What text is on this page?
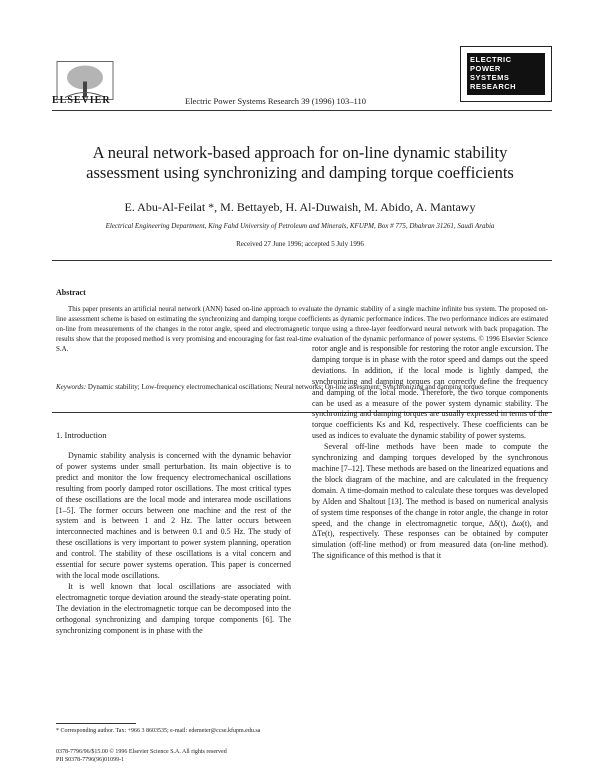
ELSEVIER	Electric Power Systems Research 39 (1996) 103–110
ELECTRIC
POWER
SYSTEMS
RESEARCH
A neural network-based approach for on-line dynamic stability
assessment using synchronizing and damping torque coefficients
E. Abu-Al-Feilat *, M. Bettayeb, H. Al-Duwaish, M. Abido, A. Mantawy
Electrical Engineering Department, King Fahd University of Petroleum and Minerals, KFUPM, Box # 775, Dhahran 31261, Saudi Arabia
Received 27 June 1996; accepted 5 July 1996
Abstract
This paper presents an artificial neural network (ANN) based on-line approach to evaluate the dynamic stability of a single machine infinite bus system. The proposed on-line assessment scheme is based on estimating the synchronizing and damping torque coefficients as dynamic performance indices. The two performance indices are estimated on-line from measurements of the changes in the rotor angle, speed and electromagnetic torque using a three-layer feedforward neural network with back propagation. The results show that the proposed method is very promising and encouraging for fast real-time evaluation of the dynamic performance of power systems. © 1996 Elsevier Science S.A.
Keywords: Dynamic stability; Low-frequency electromechanical oscillations; Neural networks; On-line assessment; Synchronizing and damping torques
1. Introduction

Dynamic stability analysis is concerned with the dynamic behavior of power systems under small perturbation. Its main objective is to predict and monitor the low frequency electromechanical oscillations resulting from poorly damped rotor oscillations. The most critical types of these oscillations are the local mode and interarea mode oscillations [1–5]. The former occurs between one machine and the rest of the system and is between 1 and 2 Hz. The latter occurs between interconnected machines and is between 0.1 and 0.5 Hz. The study of these oscillations is very important to power system planning, operation and control. The stability of these oscillations is a vital concern and essential for secure power systems operation. This paper is concerned with the local mode oscillations.

It is well known that local oscillations are associated with electromagnetic torque deviation around the steady-state operating point. The deviation in the electromagnetic torque can be decomposed into the orthogonal synchronizing and damping torque components [6]. The synchronizing component is in phase with the

rotor angle and is responsible for restoring the rotor angle excursion. The damping torque is in phase with the rotor speed and damps out the speed deviations. In addition, if the local mode is lightly damped, the synchronizing and damping torques can correctly define the frequency and damping of the local mode. Therefore, the two torque components can be used as a measure of the power system dynamic stability. The synchronizing and damping torques are usually expressed in terms of the torque coefficients Ks and Kd, respectively. These coefficients can be used as indices to evaluate the dynamic stability of power systems.

Several off-line methods have been made to compute the synchronizing and damping torques developed by the synchronous machine [7–12]. These methods are based on the linearized equations and the block diagram of the machine, and are calculated in the frequency domain. A time-domain method to calculate these torques was developed by Alden and Shaltout [13]. The method is based on numerical analysis of system time responses of the change in rotor angle, the change in rotor speed, and the change in electromagnetic torque, Δδ(t), Δω(t), and ΔTe(t), respectively. These responses can be obtained by computer simulation (off-line method) or from measured data (on-line method). The significance of this method is that it

* Corresponding author. Tax: +966 3 8603535; e-mail: edemeter@ccse.kfupm.edu.sa
0378-7796/96/$15.00 © 1996 Elsevier Science S.A. All rights reserved
PII S0378-7796(96)01099-1
